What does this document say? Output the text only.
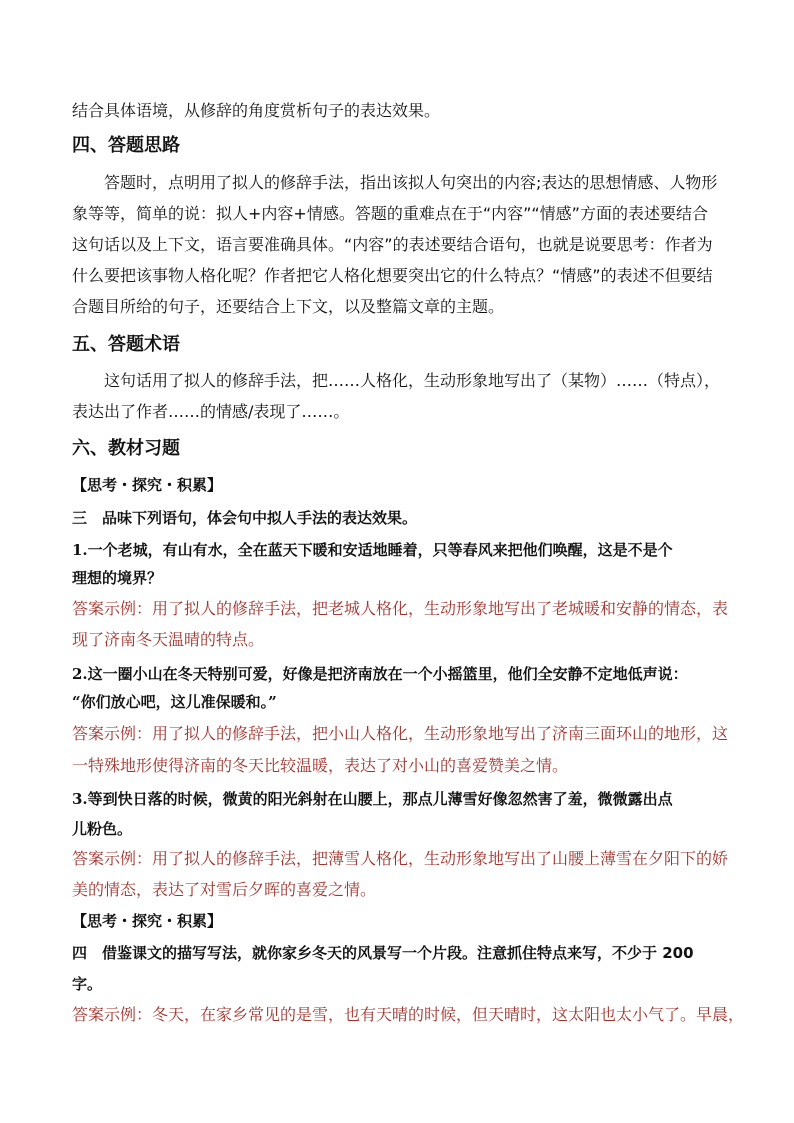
结合具体语境，从修辞的角度赏析句子的表达效果。
四、答题思路
答题时，点明用了拟人的修辞手法，指出该拟人句突出的内容;表达的思想情感、人物形
象等等，简单的说：拟人+内容+情感。答题的重难点在于“内容”“情感”方面的表述要结合
这句话以及上下文，语言要准确具体。“内容”的表述要结合语句，也就是说要思考：作者为
什么要把该事物人格化呢？作者把它人格化想要突出它的什么特点？“情感”的表述不但要结
合题目所给的句子，还要结合上下文，以及整篇文章的主题。
五、答题术语
这句话用了拟人的修辞手法，把……人格化，生动形象地写出了（某物）……（特点），
表达出了作者……的情感/表现了……。
六、教材习题
【思考・探究・积累】
三　品味下列语句，体会句中拟人手法的表达效果。
1.一个老城，有山有水，全在蓝天下暖和安适地睡着，只等春风来把他们唤醒，这是不是个
理想的境界？
答案示例：用了拟人的修辞手法，把老城人格化，生动形象地写出了老城暖和安静的情态，表
现了济南冬天温晴的特点。
2.这一圈小山在冬天特别可爱，好像是把济南放在一个小摇篮里，他们全安静不定地低声说：
“你们放心吧，这儿准保暖和。”
答案示例：用了拟人的修辞手法，把小山人格化，生动形象地写出了济南三面环山的地形，这
一特殊地形使得济南的冬天比较温暖，表达了对小山的喜爱赞美之情。
3.等到快日落的时候，微黄的阳光斜射在山腰上，那点儿薄雪好像忽然害了羞，微微露出点
儿粉色。
答案示例：用了拟人的修辞手法，把薄雪人格化，生动形象地写出了山腰上薄雪在夕阳下的娇
美的情态，表达了对雪后夕晖的喜爱之情。
【思考・探究・积累】
四　借鉴课文的描写写法，就你家乡冬天的风景写一个片段。注意抓住特点来写，不少于 200
字。
答案示例：冬天，在家乡常见的是雪，也有天晴的时候，但天晴时，这太阳也太小气了。早晨，
